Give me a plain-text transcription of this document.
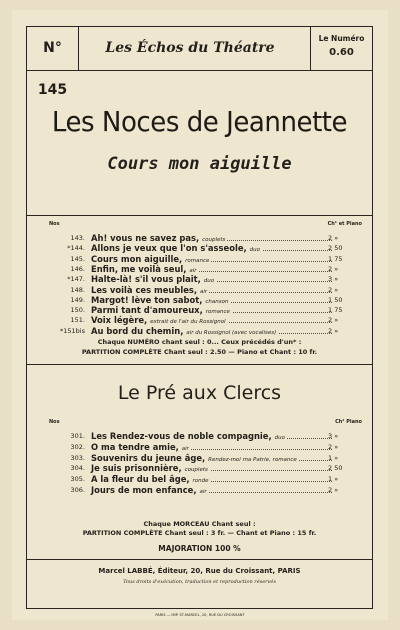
N° 145
Les Échos du Théatre
Le Numéro
0.60
Les Noces de Jeannette
Cours mon aiguille
Nos	Ch¹ et Piano
143. Ah! vous ne savez pas, couplets	2 »
*144. Allons je veux que l'on s'asseole, duo	2 50
145. Cours mon aiguille, romance	1 75
146. Enfin, me voilà seul, air	2 »
*147. Halte-là! s'il vous plait, duo	3 »
148. Les voilà ces meubles, air	2 »
149. Margot! lève ton sabot, chanson	1 50
150. Parmi tant d'amoureux, romance	1 75
151. Voix légère, extrait de l'air du Rossignol	2 »
*151bis Au bord du chemin, air du Rossignol (avec vocalises)	2 »
Chaque NUMÉRO chant seul : 0... Ceux précédés d'un* :
PARTITION COMPLÈTE Chant seul : 2.50 — Piano et Chant : 10 fr.
Le Pré aux Clercs
Nos	Ch¹ Piano
301. Les Rendez-vous de noble compagnie, duo	3 »
302. O ma tendre amie, air	2 »
303. Souvenirs du jeune âge, Rendez-moi ma Patrie, romance	1 »
304. Je suis prisonnière, couplets	2 50
305. A la fleur du bel âge, ronde	1 »
306. Jours de mon enfance, air	2 »
Chaque MORCEAU Chant seul :
PARTITION COMPLÈTE Chant seul : 3 fr. — Chant et Piano : 15 fr.
MAJORATION 100 %
Marcel LABBÉ, Éditeur, 20, Rue du Croissant, PARIS
Tous droits d'exécution, traduction et reproduction réservés
PARIS — IMP. ST-MARCEL, 20, RUE DU CROISSANT
